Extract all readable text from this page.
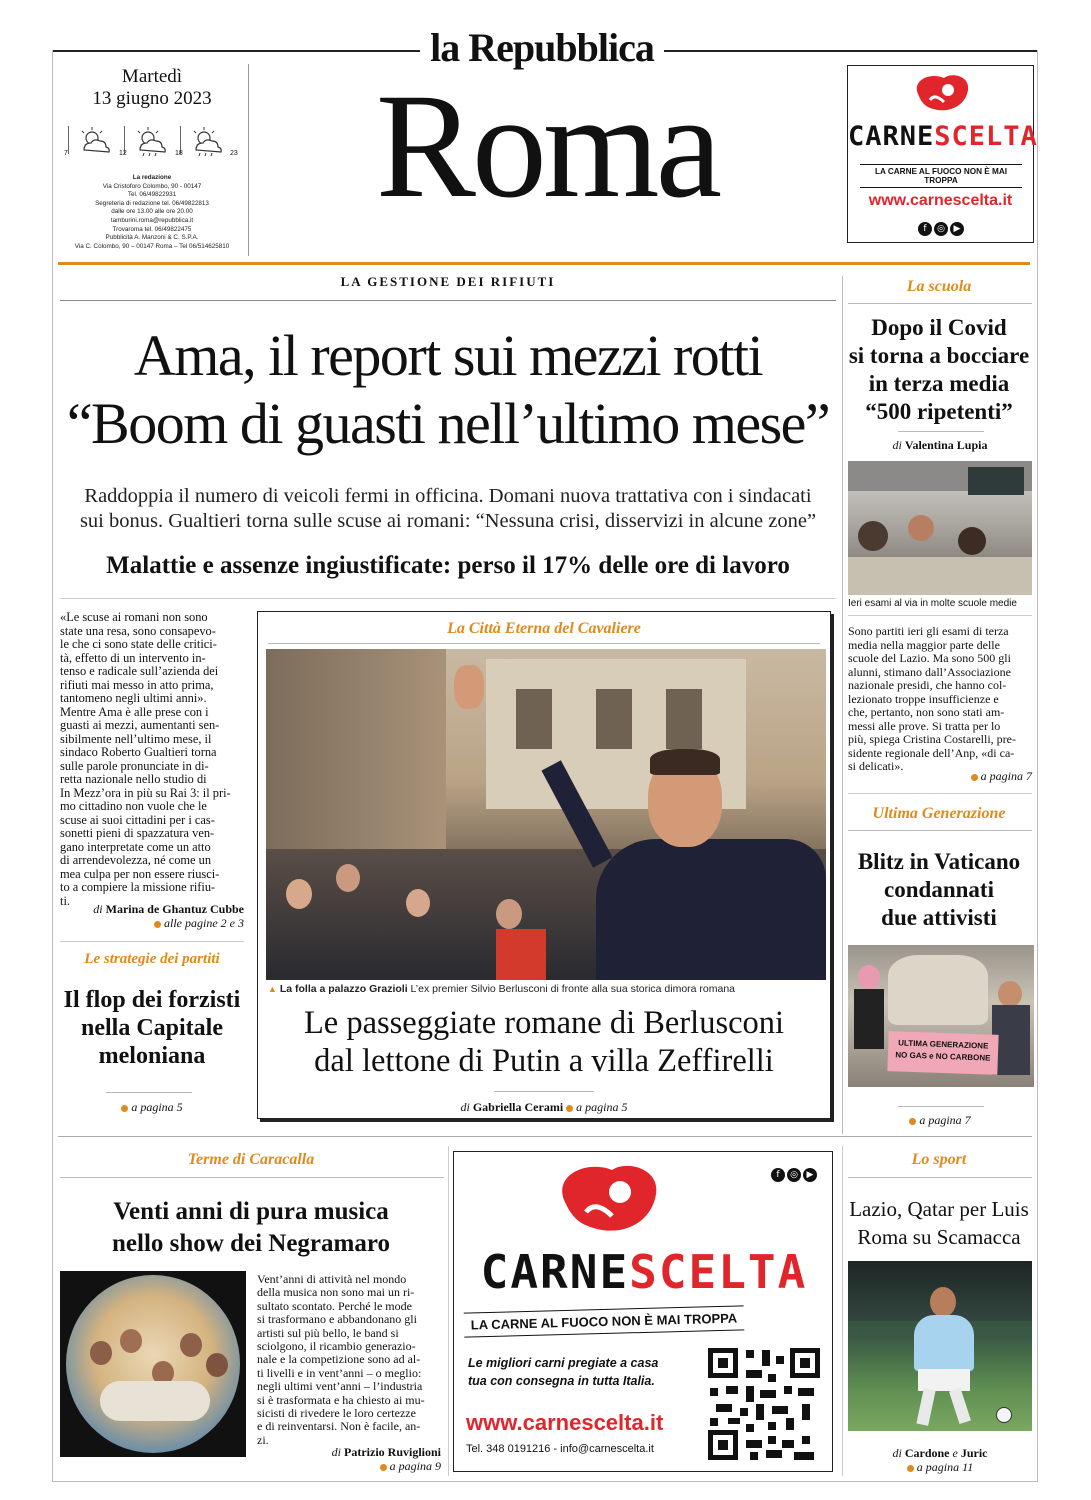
la Repubblica
Roma
Martedì
13 giugno 2023
7	12	18	23
La redazione
Via Cristoforo Colombo, 90 - 00147
Tel. 06/49822931
Segreteria di redazione tel. 06/49822813
dalle ore 13.00 alle ore 20.00
tamburini.roma@repubblica.it
Trovaroma tel. 06/49822475
Pubblicità A. Manzoni & C. S.P.A.
Via C. Colombo, 90 – 00147 Roma – Tel 06/514625810
CARNESCELTA
LA CARNE AL FUOCO NON È MAI TROPPA
www.carnescelta.it
f ◎ ▶
LA GESTIONE DEI RIFIUTI
Ama, il report sui mezzi rotti
“Boom di guasti nell’ultimo mese”
Raddoppia il numero di veicoli fermi in officina. Domani nuova trattativa con i sindacati
sui bonus. Gualtieri torna sulle scuse ai romani: “Nessuna crisi, disservizi in alcune zone”
Malattie e assenze ingiustificate: perso il 17% delle ore di lavoro
«Le scuse ai romani non sono
state una resa, sono consapevo-
le che ci sono state delle critici-
tà, effetto di un intervento in-
tenso e radicale sull’azienda dei
rifiuti mai messo in atto prima,
tantomeno negli ultimi anni».
Mentre Ama è alle prese con i
guasti ai mezzi, aumentanti sen-
sibilmente nell’ultimo mese, il
sindaco Roberto Gualtieri torna
sulle parole pronunciate in di-
retta nazionale nello studio di
In Mezz’ora in più su Rai 3: il pri-
mo cittadino non vuole che le
scuse ai suoi cittadini per i cas-
sonetti pieni di spazzatura ven-
gano interpretate come un atto
di arrendevolezza, né come un
mea culpa per non essere riusci-
to a compiere la missione rifiu-
ti.
di Marina de Ghantuz Cubbe
alle pagine 2 e 3
Le strategie dei partiti
Il flop dei forzisti
nella Capitale
meloniana
a pagina 5
La Città Eterna del Cavaliere
▲ La folla a palazzo Grazioli L’ex premier Silvio Berlusconi di fronte alla sua storica dimora romana
Le passeggiate romane di Berlusconi
dal lettone di Putin a villa Zeffirelli
di Gabriella Cerami a pagina 5
La scuola
Dopo il Covid
si torna a bocciare
in terza media
“500 ripetenti”
di Valentina Lupia
Ieri esami al via in molte scuole medie
Sono partiti ieri gli esami di terza
media nella maggior parte delle
scuole del Lazio. Ma sono 500 gli
alunni, stimano dall’Associazione
nazionale presidi, che hanno col-
lezionato troppe insufficienze e
che, pertanto, non sono stati am-
messi alle prove. Si tratta per lo
più, spiega Cristina Costarelli, pre-
sidente regionale dell’Anp, «di ca-
si delicati».
a pagina 7
Ultima Generazione
Blitz in Vaticano
condannati
due attivisti
ULTIMA GENERAZIONE
NO GAS e NO CARBONE
a pagina 7
Terme di Caracalla
Venti anni di pura musica
nello show dei Negramaro
Vent’anni di attività nel mondo
della musica non sono mai un ri-
sultato scontato. Perché le mode
si trasformano e abbandonano gli
artisti sul più bello, le band si
sciolgono, il ricambio generazio-
nale e la competizione sono ad al-
ti livelli e in vent’anni – o meglio:
negli ultimi vent’anni – l’industria
si è trasformata e ha chiesto ai mu-
sicisti di rivedere le loro certezze
e di reinventarsi. Non è facile, an-
zi.
di Patrizio Ruviglioni
a pagina 9
f ◎ ▶
CARNESCELTA
LA CARNE AL FUOCO NON È MAI TROPPA
Le migliori carni pregiate a casa
tua con consegna in tutta Italia.
www.carnescelta.it
Tel. 348 0191216 - info@carnescelta.it
Lo sport
Lazio, Qatar per Luis
Roma su Scamacca
di Cardone e Juric
a pagina 11
